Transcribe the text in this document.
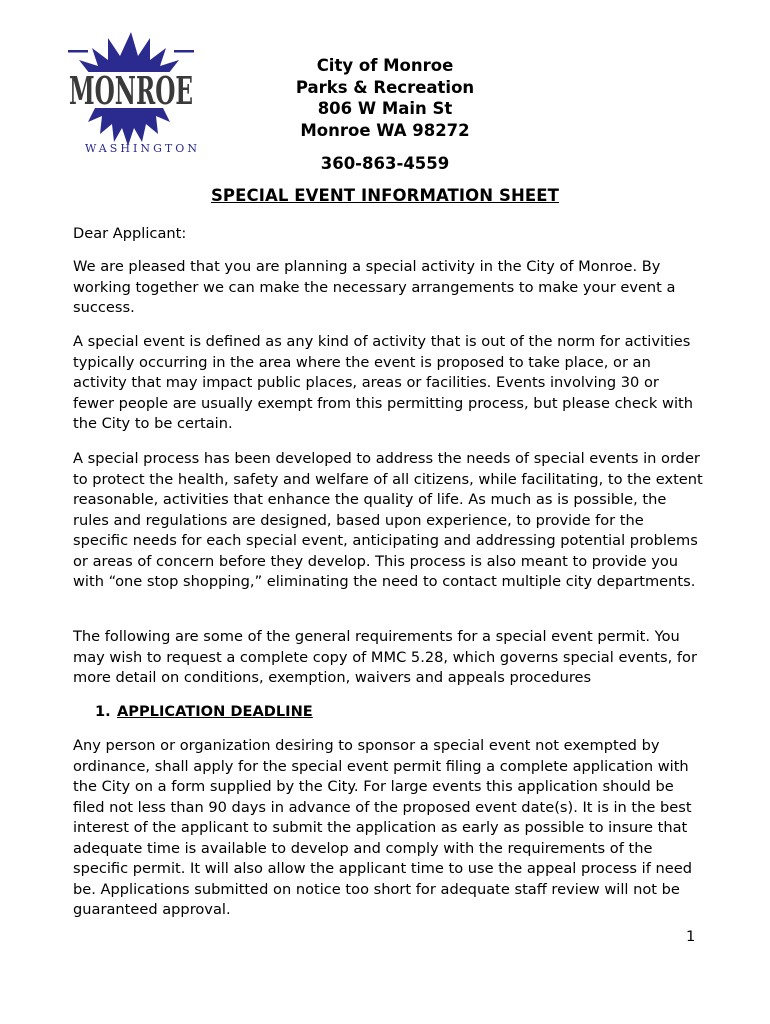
MONROE
WASHINGTON
City of Monroe
Parks & Recreation
806 W Main St
Monroe WA 98272
360-863-4559
SPECIAL EVENT INFORMATION SHEET

Dear Applicant:

We are pleased that you are planning a special activity in the City of Monroe. By working together we can make the necessary arrangements to make your event a success.

A special event is defined as any kind of activity that is out of the norm for activities typically occurring in the area where the event is proposed to take place, or an activity that may impact public places, areas or facilities. Events involving 30 or fewer people are usually exempt from this permitting process, but please check with the City to be certain.

A special process has been developed to address the needs of special events in order to protect the health, safety and welfare of all citizens, while facilitating, to the extent reasonable, activities that enhance the quality of life. As much as is possible, the rules and regulations are designed, based upon experience, to provide for the specific needs for each special event, anticipating and addressing potential problems or areas of concern before they develop. This process is also meant to provide you with “one stop shopping,” eliminating the need to contact multiple city departments.

The following are some of the general requirements for a special event permit. You may wish to request a complete copy of MMC 5.28, which governs special events, for more detail on conditions, exemption, waivers and appeals procedures

1. APPLICATION DEADLINE

Any person or organization desiring to sponsor a special event not exempted by ordinance, shall apply for the special event permit filing a complete application with the City on a form supplied by the City. For large events this application should be filed not less than 90 days in advance of the proposed event date(s). It is in the best interest of the applicant to submit the application as early as possible to insure that adequate time is available to develop and comply with the requirements of the specific permit. It will also allow the applicant time to use the appeal process if need be. Applications submitted on notice too short for adequate staff review will not be guaranteed approval.

1
